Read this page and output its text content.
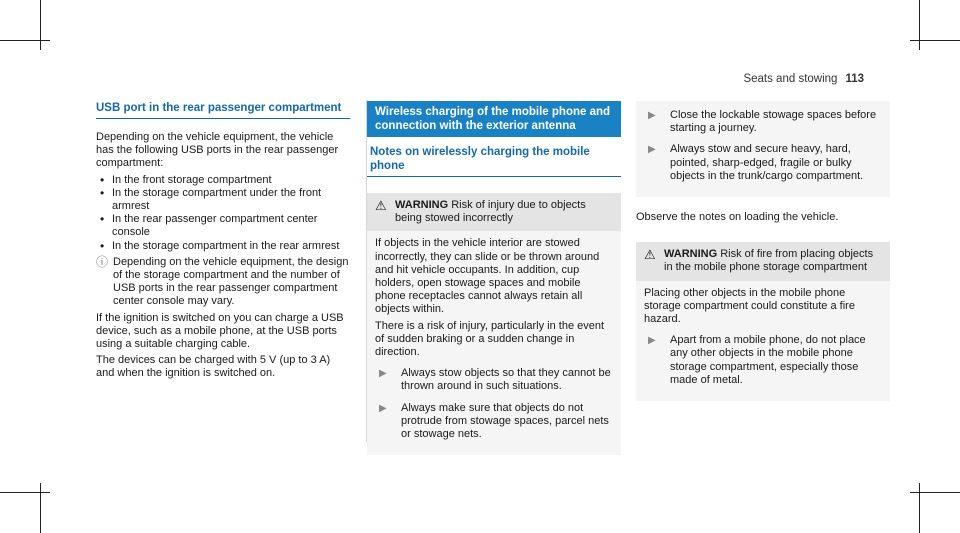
Seats and stowing 113
USB port in the rear passenger compartment

Depending on the vehicle equipment, the vehicle has the following USB ports in the rear passenger compartment:

• In the front storage compartment
• In the storage compartment under the front armrest
• In the rear passenger compartment center console
• In the storage compartment in the rear armrest
ⓘ Depending on the vehicle equipment, the design of the storage compartment and the number of USB ports in the rear passenger compartment center console may vary.

If the ignition is switched on you can charge a USB device, such as a mobile phone, at the USB ports using a suitable charging cable.

The devices can be charged with 5 V (up to 3 A) and when the ignition is switched on.

Wireless charging of the mobile phone and connection with the exterior antenna
Notes on wirelessly charging the mobile phone
⚠ WARNING Risk of injury due to objects being stowed incorrectly

If objects in the vehicle interior are stowed incorrectly, they can slide or be thrown around and hit vehicle occupants. In addition, cup holders, open stowage spaces and mobile phone receptacles cannot always retain all objects within.

There is a risk of injury, particularly in the event of sudden braking or a sudden change in direction.

▶	Always stow objects so that they cannot be thrown around in such situations.
▶	Always make sure that objects do not protrude from stowage spaces, parcel nets or stowage nets.
▶	Close the lockable stowage spaces before starting a journey.
▶	Always stow and secure heavy, hard, pointed, sharp-edged, fragile or bulky objects in the trunk/cargo compartment.

Observe the notes on loading the vehicle.

⚠ WARNING Risk of fire from placing objects in the mobile phone storage compartment

Placing other objects in the mobile phone storage compartment could constitute a fire hazard.

▶	Apart from a mobile phone, do not place any other objects in the mobile phone storage compartment, especially those made of metal.
